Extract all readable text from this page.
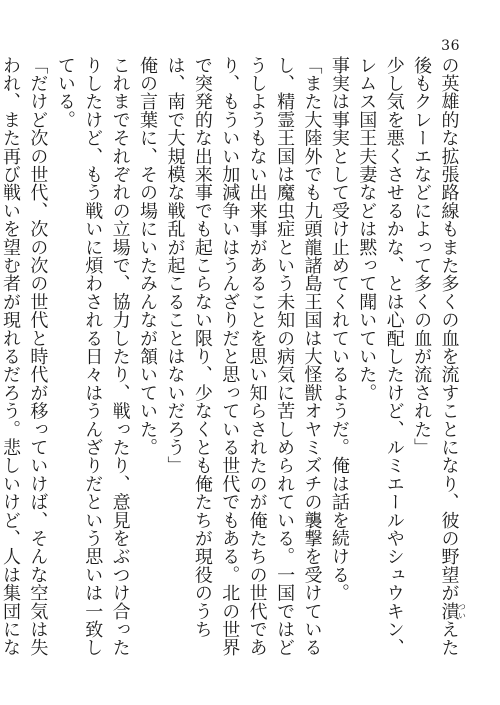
36

の英雄的な拡張路線もまた多くの血を流すことになり、彼の野望が潰ついえた後もクレーエなどによって多くの血が流された」

少し気を悪くさせるかな、とは心配したけど、ルミエールやシュウキン、レムス国王夫妻などは黙って聞いていた。

事実は事実として受け止めてくれているようだ。俺は話を続ける。

「また大陸外でも九頭龍諸島王国は大怪獣オヤミズチの襲撃を受けているし、精霊王国は魔虫症という未知の病気に苦しめられている。一国ではどうしようもない出来事があることを思い知らされたのが俺たちの世代であり、もういい加減争いはうんざりだと思っている世代でもある。北の世界で突発的な出来事でも起こらない限り、少なくとも俺たちが現役のうちは、南で大規模な戦乱が起こることはないだろう」

俺の言葉に、その場にいたみんなが頷いていた。

これまでそれぞれの立場で、協力したり、戦ったり、意見をぶつけ合ったりしたけど、もう戦いに煩わされる日々はうんざりだという思いは一致している。

「だけど次の世代、次の次の世代と時代が移っていけば、そんな空気は失われ、また再び戦いを望む者が現れるだろう。悲しいけど、人は集団にな
